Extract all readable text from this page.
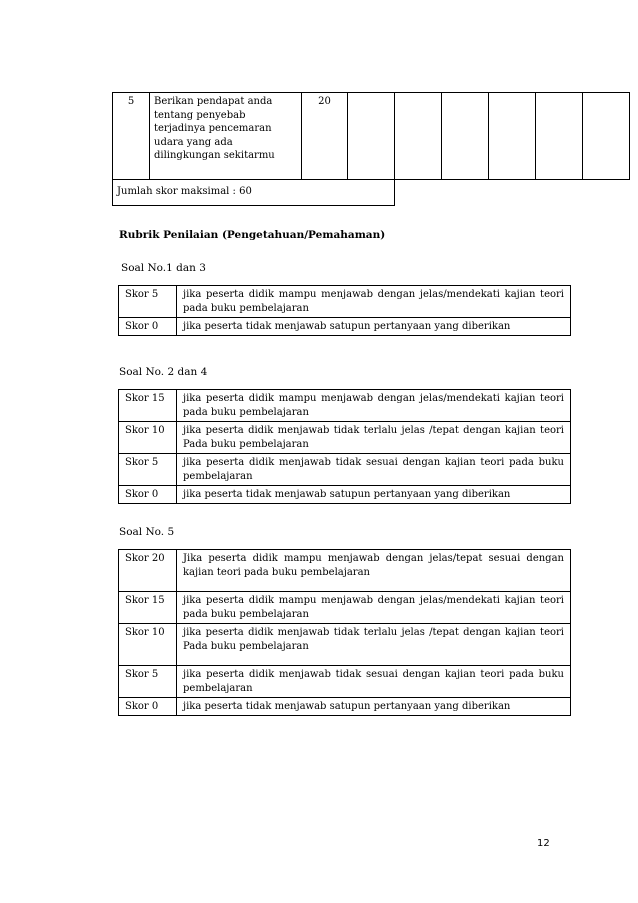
5	Berikan pendapat anda tentang penyebab terjadinya pencemaran udara yang ada dilingkungan sekitarmu	20						
Jumlah skor maksimal : 60
Rubrik Penilaian (Pengetahuan/Pemahaman)
Soal No.1 dan 3
Skor 5	jika peserta didik mampu menjawab dengan jelas/mendekati kajian teori pada buku pembelajaran
Skor 0	jika peserta tidak menjawab satupun pertanyaan yang diberikan
Soal No. 2 dan 4
Skor 15	jika peserta didik mampu menjawab dengan jelas/mendekati kajian teori pada buku pembelajaran
Skor 10	jika peserta didik menjawab tidak terlalu jelas /tepat dengan kajian teori Pada buku pembelajaran
Skor 5	jika peserta didik menjawab tidak sesuai dengan kajian teori pada buku pembelajaran
Skor 0	jika peserta tidak menjawab satupun pertanyaan yang diberikan
Soal No. 5
Skor 20	Jika peserta didik mampu menjawab dengan jelas/tepat sesuai dengan kajian teori pada buku pembelajaran
Skor 15	jika peserta didik mampu menjawab dengan jelas/mendekati kajian teori pada buku pembelajaran
Skor 10	jika peserta didik menjawab tidak terlalu jelas /tepat dengan kajian teori Pada buku pembelajaran
Skor 5	jika peserta didik menjawab tidak sesuai dengan kajian teori pada buku pembelajaran
Skor 0	jika peserta tidak menjawab satupun pertanyaan yang diberikan
12
